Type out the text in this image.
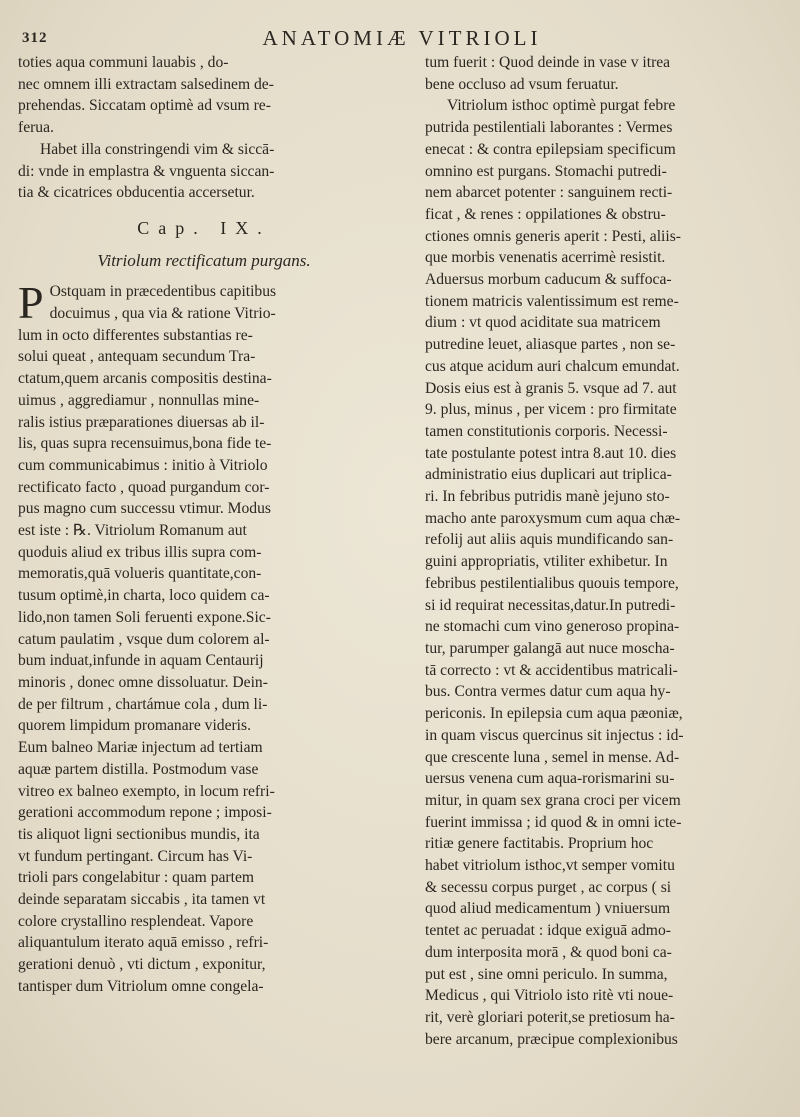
312	ANATOMIÆ VITRIOLI
toties aqua communi lauabis , do-
nec omnem illi extractam salsedinem de-
prehendas. Siccatam optimè ad vsum re-
ferua.
Habet illa constringendi vim & siccā-
di: vnde in emplastra & vnguenta siccan-
tia & cicatrices obducentia accersetur.
Cap. IX.
Vitriolum rectificatum purgans.
P Ostquam in præcedentibus capitibus
docuimus , qua via & ratione Vitrio-
lum in octo differentes substantias re-
solui queat , antequam secundum Tra-
ctatum,quem arcanis compositis destina-
uimus , aggrediamur , nonnullas mine-
ralis istius præparationes diuersas ab il-
lis, quas supra recensuimus,bona fide te-
cum communicabimus : initio à Vitriolo
rectificato facto , quoad purgandum cor-
pus magno cum successu vtimur. Modus
est iste : ℞. Vitriolum Romanum aut
quoduis aliud ex tribus illis supra com-
memoratis,quā volueris quantitate,con-
tusum optimè,in charta, loco quidem ca-
lido,non tamen Soli feruenti expone.Sic-
catum paulatim , vsque dum colorem al-
bum induat,infunde in aquam Centaurij
minoris , donec omne dissoluatur. Dein-
de per filtrum , chartámue cola , dum li-
quorem limpidum promanare videris.
Eum balneo Mariæ injectum ad tertiam
aquæ partem distilla. Postmodum vase
vitreo ex balneo exempto, in locum refri-
gerationi accommodum repone ; imposi-
tis aliquot ligni sectionibus mundis, ita
vt fundum pertingant. Circum has Vi-
trioli pars congelabitur : quam partem
deinde separatam siccabis , ita tamen vt
colore crystallino resplendeat. Vapore
aliquantulum iterato aquā emisso , refri-
gerationi denuò , vti dictum , exponitur,
tantisper dum Vitriolum omne congela-
tum fuerit : Quod deinde in vase v itrea
bene occluso ad vsum feruatur.
Vitriolum isthoc optimè purgat febre
putrida pestilentiali laborantes : Vermes
enecat : & contra epilepsiam specificum
omnino est purgans. Stomachi putredi-
nem abarcet potenter : sanguinem recti-
ficat , & renes : oppilationes & obstru-
ctiones omnis generis aperit : Pesti, aliis-
que morbis venenatis acerrimè resistit.
Aduersus morbum caducum & suffoca-
tionem matricis valentissimum est reme-
dium : vt quod aciditate sua matricem
putredine leuet, aliasque partes , non se-
cus atque acidum auri chalcum emundat.
Dosis eius est à granis 5. vsque ad 7. aut
9. plus, minus , per vicem : pro firmitate
tamen constitutionis corporis. Necessi-
tate postulante potest intra 8.aut 10. dies
administratio eius duplicari aut triplica-
ri. In febribus putridis manè jejuno sto-
macho ante paroxysmum cum aqua chæ-
refolij aut aliis aquis mundificando san-
guini appropriatis, vtiliter exhibetur. In
febribus pestilentialibus quouis tempore,
si id requirat necessitas,datur.In putredi-
ne stomachi cum vino generoso propina-
tur, parumper galangā aut nuce moscha-
tā correcto : vt & accidentibus matricali-
bus. Contra vermes datur cum aqua hy-
periconis. In epilepsia cum aqua pæoniæ,
in quam viscus quercinus sit injectus : id-
que crescente luna , semel in mense. Ad-
uersus venena cum aqua-rorismarini su-
mitur, in quam sex grana croci per vicem
fuerint immissa ; id quod & in omni icte-
ritiæ genere factitabis. Proprium hoc
habet vitriolum isthoc,vt semper vomitu
& secessu corpus purget , ac corpus ( si
quod aliud medicamentum ) vniuersum
tentet ac peruadat : idque exiguā admo-
dum interposita morā , & quod boni ca-
put est , sine omni periculo. In summa,
Medicus , qui Vitriolo isto ritè vti noue-
rit, verè gloriari poterit,se pretiosum ha-
bere arcanum, præcipue complexionibus
